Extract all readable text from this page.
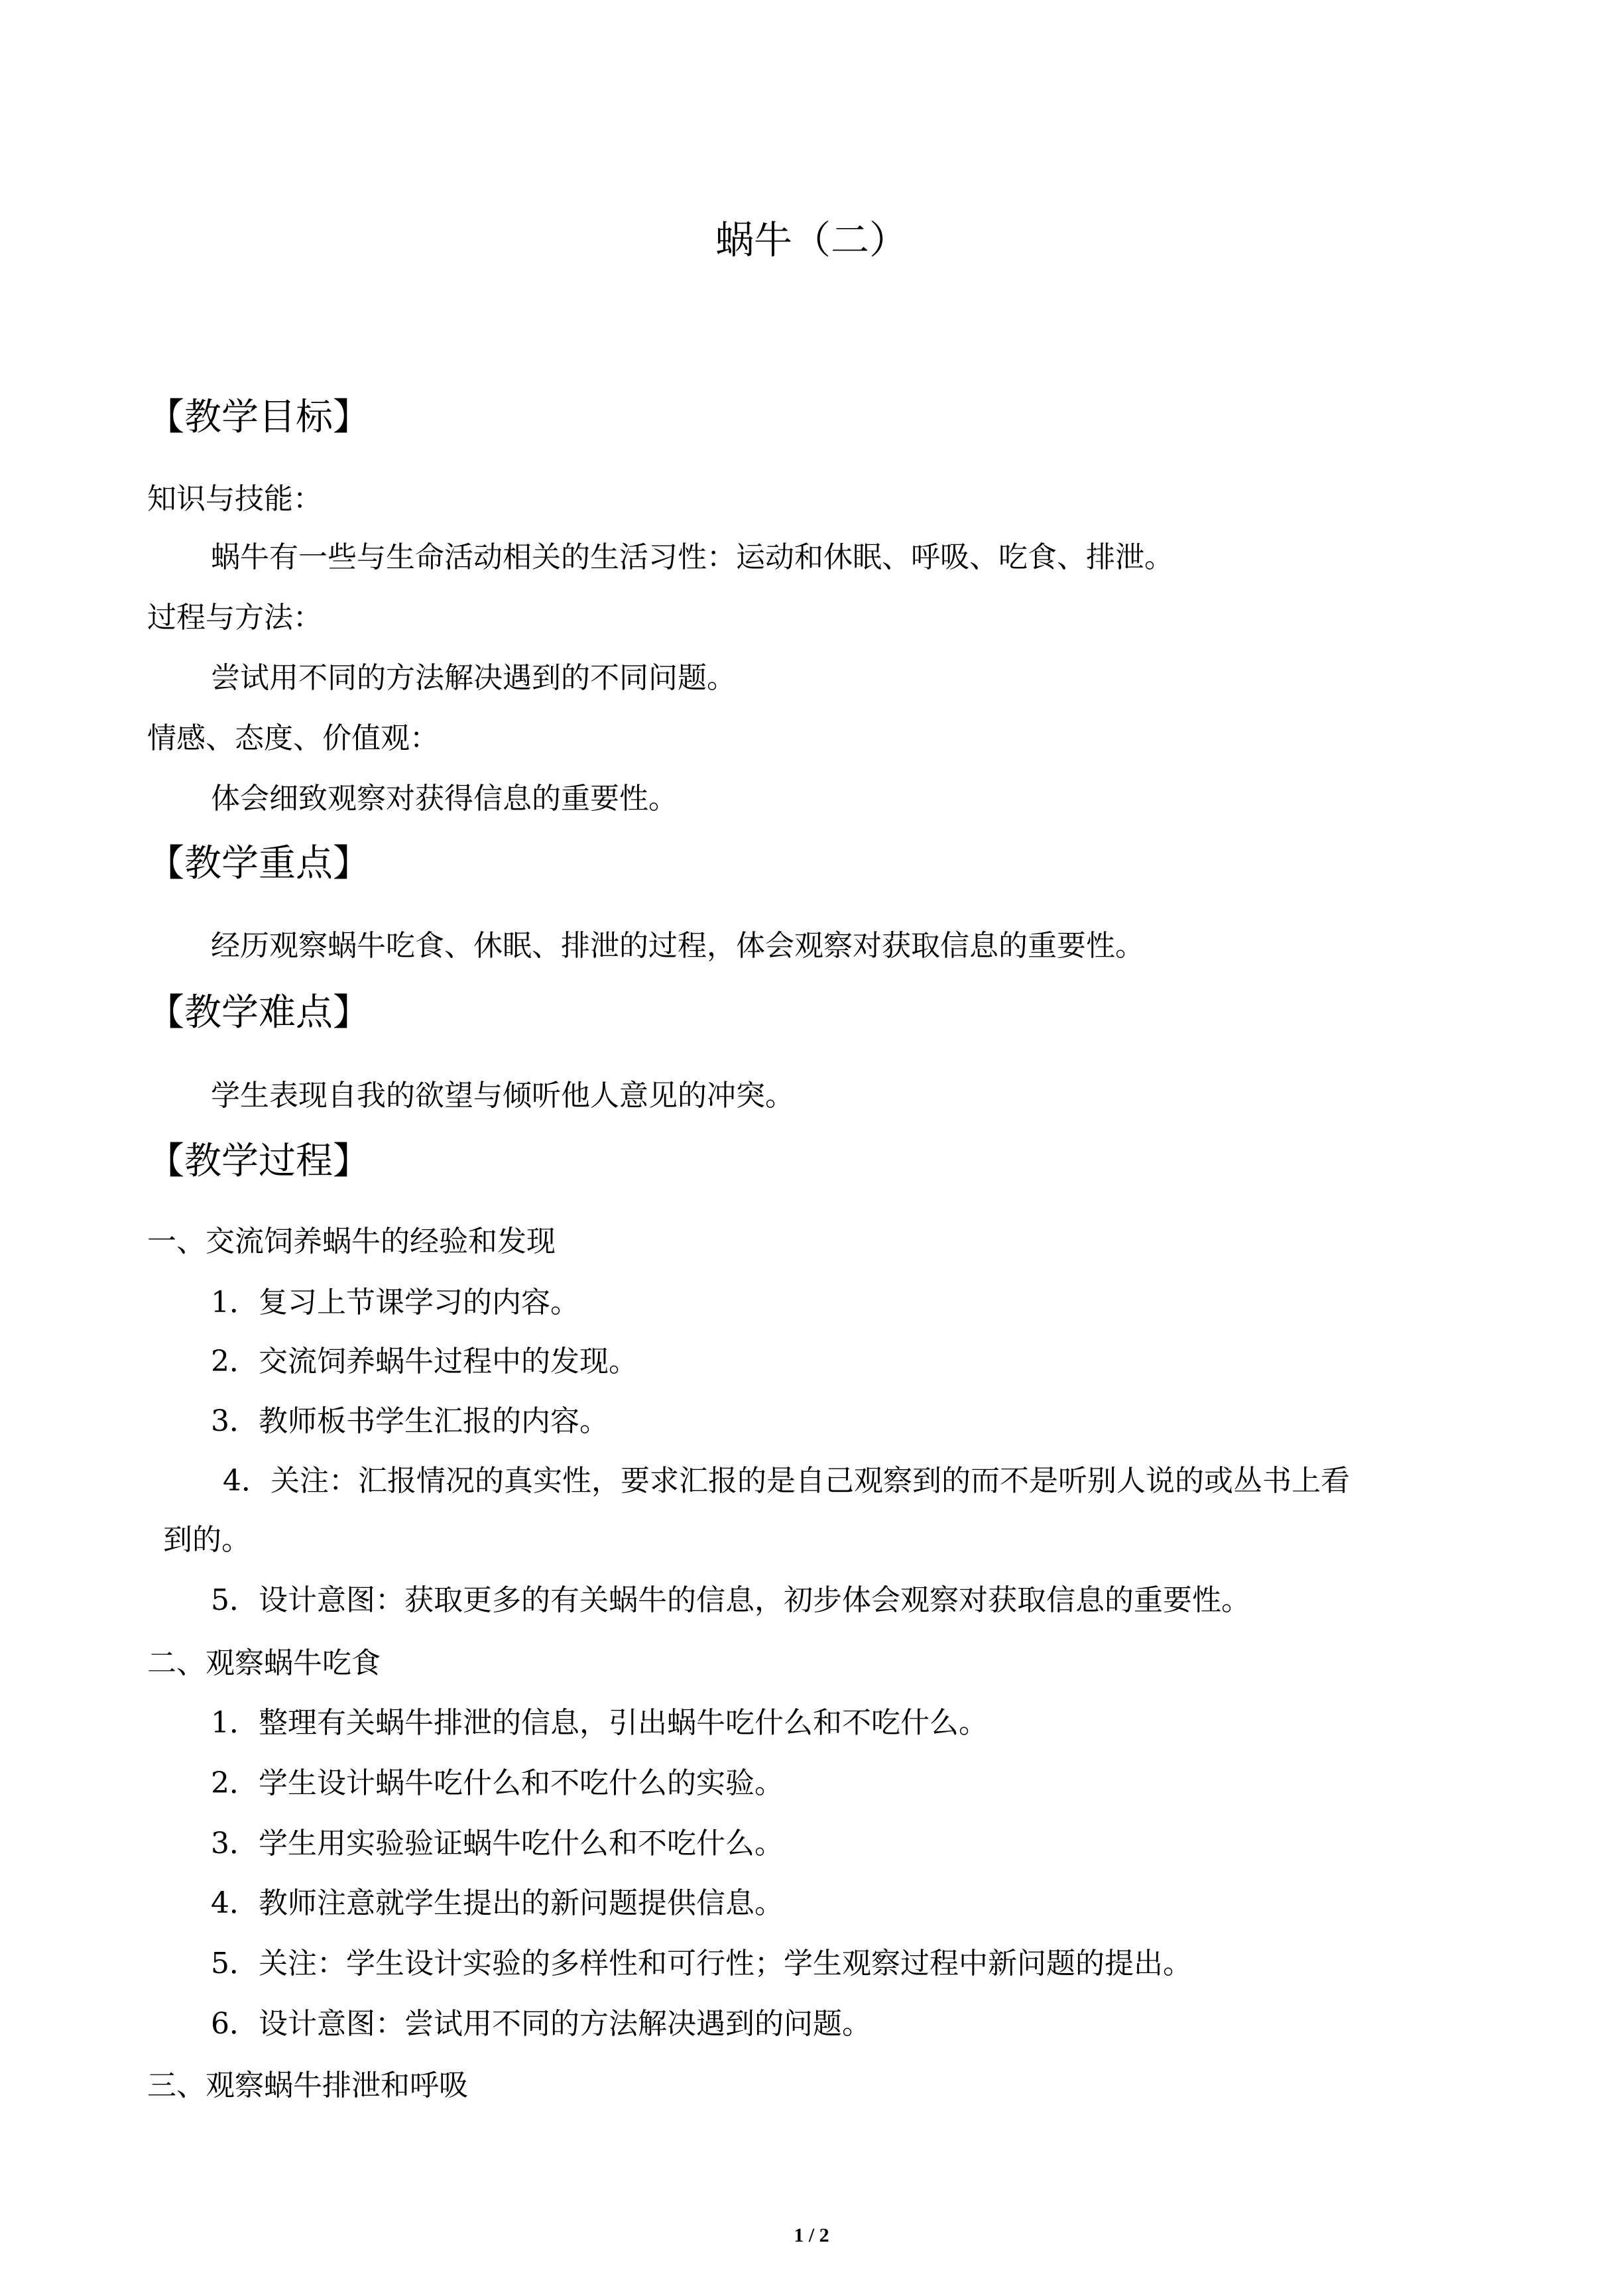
蜗牛（二）
【教学目标】
知识与技能：
蜗牛有一些与生命活动相关的生活习性：运动和休眠、呼吸、吃食、排泄。
过程与方法：
尝试用不同的方法解决遇到的不同问题。
情感、态度、价值观：
体会细致观察对获得信息的重要性。
【教学重点】
经历观察蜗牛吃食、休眠、排泄的过程，体会观察对获取信息的重要性。
【教学难点】
学生表现自我的欲望与倾听他人意见的冲突。
【教学过程】
一、交流饲养蜗牛的经验和发现
1．复习上节课学习的内容。
2．交流饲养蜗牛过程中的发现。
3．教师板书学生汇报的内容。
4．关注：汇报情况的真实性，要求汇报的是自己观察到的而不是听别人说的或丛书上看
到的。
5．设计意图：获取更多的有关蜗牛的信息，初步体会观察对获取信息的重要性。
二、观察蜗牛吃食
1．整理有关蜗牛排泄的信息，引出蜗牛吃什么和不吃什么。
2．学生设计蜗牛吃什么和不吃什么的实验。
3．学生用实验验证蜗牛吃什么和不吃什么。
4．教师注意就学生提出的新问题提供信息。
5．关注：学生设计实验的多样性和可行性；学生观察过程中新问题的提出。
6．设计意图：尝试用不同的方法解决遇到的问题。
三、观察蜗牛排泄和呼吸
1 / 2
